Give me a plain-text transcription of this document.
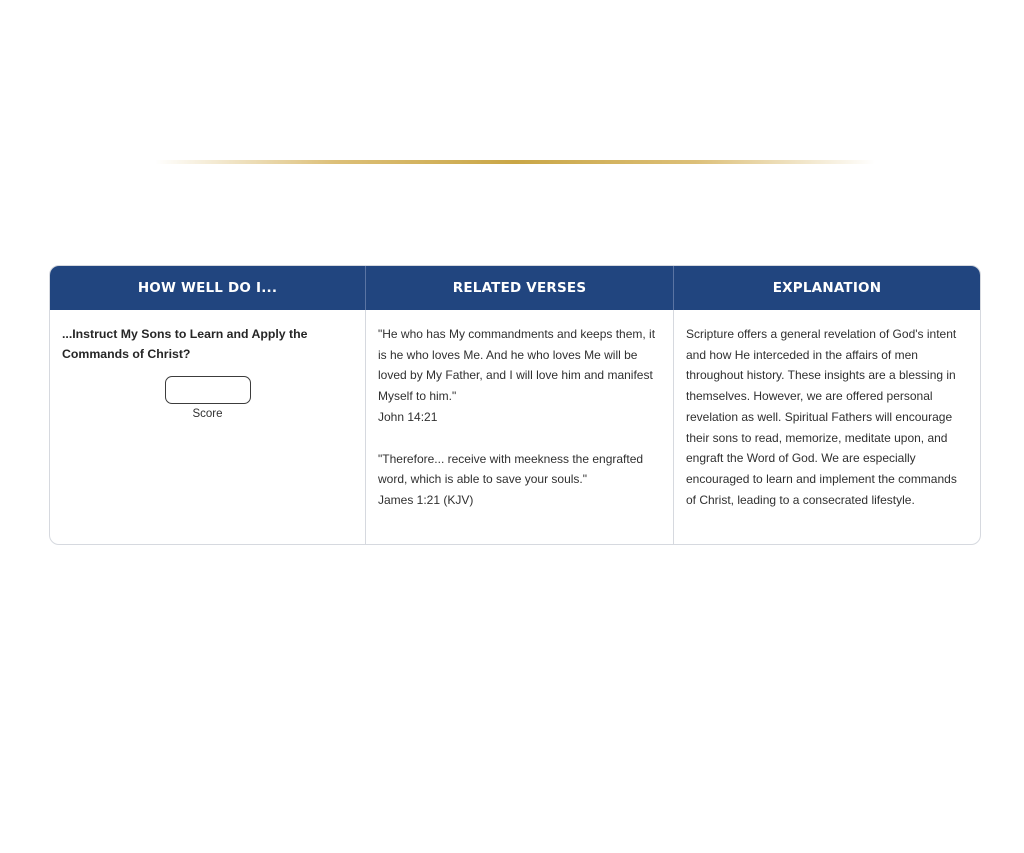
HOW WELL DO I...	RELATED VERSES	EXPLANATION
...Instruct My Sons to Learn and Apply the Commands of Christ?
Score
"He who has My commandments and keeps them, it is he who loves Me. And he who loves Me will be loved by My Father, and I will love him and manifest Myself to him."
John 14:21
"Therefore... receive with meekness the engrafted word, which is able to save your souls."
James 1:21 (KJV)
Scripture offers a general revelation of God's intent and how He interceded in the affairs of men throughout history. These insights are a blessing in themselves. However, we are offered personal revelation as well. Spiritual Fathers will encourage their sons to read, memorize, meditate upon, and engraft the Word of God. We are especially encouraged to learn and implement the commands of Christ, leading to a consecrated lifestyle.
